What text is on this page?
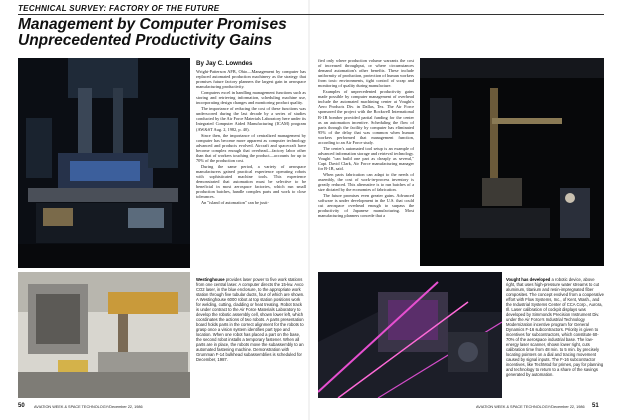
TECHNICAL SURVEY: FACTORY OF THE FUTURE
Management by Computer Promises
Unprecedented Productivity Gains
By Jay C. Lowndes

Wright-Patterson AFB, Ohio—Management by computer has replaced automated production machinery as the strategy that promises future factory planners the largest gain in aerospace manufacturing productivity.

Computers excel in handling management functions such as storing and retrieving information, scheduling machine use, incorporating design changes and monitoring product quality.

The importance of reducing the cost of these functions was underscored during the last decade by a series of studies conducted by the Air Force Materials Laboratory here under its Integrated Computer Aided Manufacturing (ICAM) program (AW&ST Aug. 2, 1982, p. 40).

Since then, the importance of centralized management by computer has become more apparent as computer technology advanced and products evolved. Aircraft and spacecraft have become complex enough that overhead—factory labor other than that of workers touching the product—accounts for up to 70% of the production cost.

During the same period, a variety of aerospace manufacturers gained practical experience operating robots with sophisticated machine tools. This experience demonstrated that automation must be selective to be beneficial in most aerospace factories, which run small production batches, handle complex parts and work to close tolerances.

An "island of automation" can be justi-

fied only where production volume warrants the cost of increased throughput, or where circumstances demand automation's other benefits. These include uniformity of production, protection of human workers from toxic environments, tight control of scrap and monitoring of quality during manufacture.

Examples of unprecedented productivity gains made possible by computer management of overhead include the automated machining center at Vought's Aero Products Div. in Dallas, Tex. The Air Force sponsored the project with the Rockwell International B-1B bomber provided partial funding for the center as an automation incentive. Scheduling the flow of parts through the facility by computer has eliminated 95% of the delay that was common when human workers performed that management function, according to an Air Force study.

The center's automated tool setup is an example of advanced information storage and retrieval technology. Vought "can build one part as cheaply as several," Capt. David Clark, Air Force manufacturing manager for B-1B, said.

When parts fabrication can adapt to the needs of assembly, the cost of work-in-process inventory is greatly reduced. This alternative is to run batches of a size dictated by the economies of fabrication.

The future promises even greater gains. Advanced software is under development in the U.S. that could cut aerospace overhead enough to surpass the productivity of Japanese manufacturing. Most manufacturing planners concede that a

Westinghouse provides laser power to five work stations from one central laser. A computer directs the 15-kw. Avco CO2 laser, in the blue enclosure, to the appropriate work station through five tubular ducts, four of which are shown. A Westinghouse 6000 robot at top station positions work for welding, cutting, cladding or heat treating. Robot track is under contract to the Air Force Materials Laboratory to develop the robotic assembly cell, shown lower left, which coordinates the actions of two robots. A parts presentation board holds parts in the correct alignment for the robots to grasp once a vision system identifies part type and location. When one robot has placed a part on the base, the second robot installs a temporary fastener. When all parts are in place, the robots move the subassembly to an automated fastening machine. Demonstration with Grumman F-14 bulkhead subassemblies is scheduled for December, 1987.

Vought has developed a robotic device, above right, that uses high-pressure water streams to cut aluminum, titanium and resin-impregnated fiber composites. The concept evolved from a cooperative effort with Flow Systems, Inc., of Kent, Wash., and the Industrial Systems Center of CCA Corp., Aurora, Ill. Laser calibration of cockpit displays was developed by Simmonds Precision Instrument Div. under the Air Force's Industrial Technology Modernization incentive program for General Dynamics F-16 subcontractors. Priority is given to incentives for subcontractors, which constitute 60-70% of the aerospace industrial base. The low-energy laser scanner, shown lower right, cuts calibration time from 48 min. to 5 min. by precisely locating pointers on a dial and tracing movement caused by signal inputs. The F-16 subcontractor incentives, like TechMod for primes, pay for planning and technology to return to a share of the savings generated by automation.

50 AVIATION WEEK & SPACE TECHNOLOGY/December 22, 1986	AVIATION WEEK & SPACE TECHNOLOGY/December 22, 1986 51
